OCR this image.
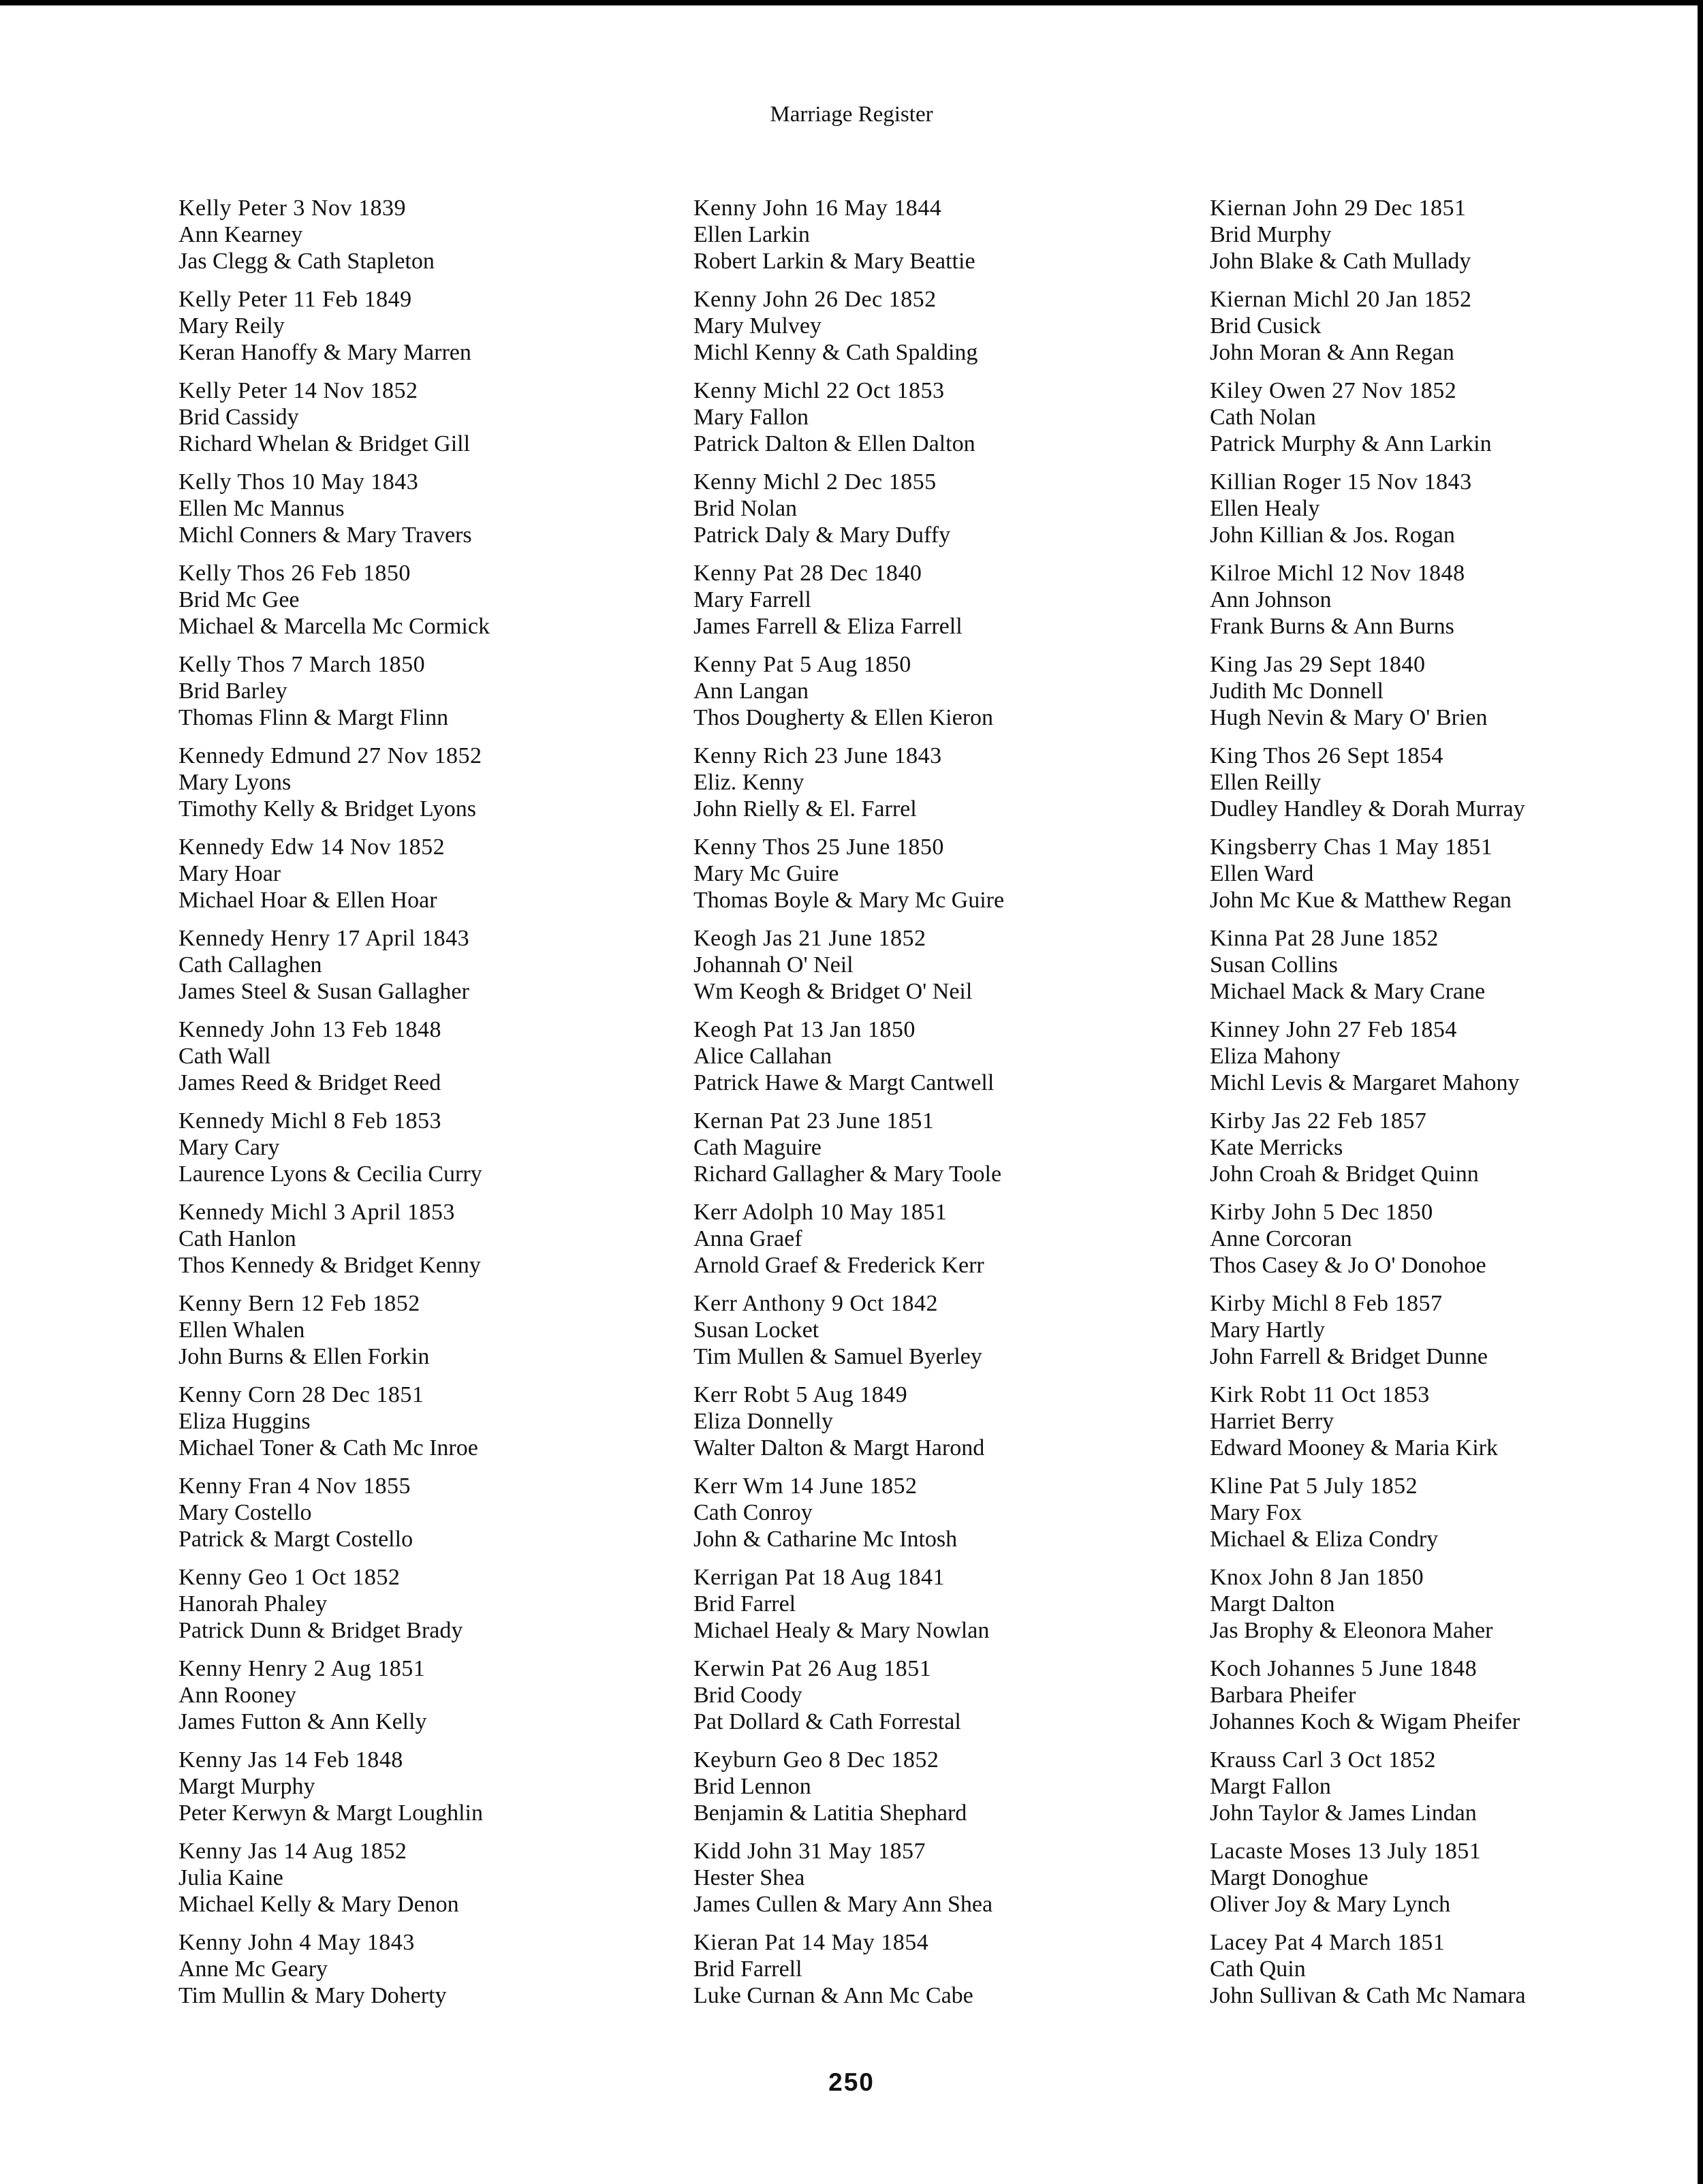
Marriage Register
Kelly Peter 3 Nov 1839
Ann Kearney
Jas Clegg & Cath Stapleton
Kelly Peter 11 Feb 1849
Mary Reily
Keran Hanoffy & Mary Marren
Kelly Peter 14 Nov 1852
Brid Cassidy
Richard Whelan & Bridget Gill
Kelly Thos 10 May 1843
Ellen Mc Mannus
Michl Conners & Mary Travers
Kelly Thos 26 Feb 1850
Brid Mc Gee
Michael & Marcella Mc Cormick
Kelly Thos 7 March 1850
Brid Barley
Thomas Flinn & Margt Flinn
Kennedy Edmund 27 Nov 1852
Mary Lyons
Timothy Kelly & Bridget Lyons
Kennedy Edw 14 Nov 1852
Mary Hoar
Michael Hoar & Ellen Hoar
Kennedy Henry 17 April 1843
Cath Callaghen
James Steel & Susan Gallagher
Kennedy John 13 Feb 1848
Cath Wall
James Reed & Bridget Reed
Kennedy Michl 8 Feb 1853
Mary Cary
Laurence Lyons & Cecilia Curry
Kennedy Michl 3 April 1853
Cath Hanlon
Thos Kennedy & Bridget Kenny
Kenny Bern 12 Feb 1852
Ellen Whalen
John Burns & Ellen Forkin
Kenny Corn 28 Dec 1851
Eliza Huggins
Michael Toner & Cath Mc Inroe
Kenny Fran 4 Nov 1855
Mary Costello
Patrick & Margt Costello
Kenny Geo 1 Oct 1852
Hanorah Phaley
Patrick Dunn & Bridget Brady
Kenny Henry 2 Aug 1851
Ann Rooney
James Futton & Ann Kelly
Kenny Jas 14 Feb 1848
Margt Murphy
Peter Kerwyn & Margt Loughlin
Kenny Jas 14 Aug 1852
Julia Kaine
Michael Kelly & Mary Denon
Kenny John 4 May 1843
Anne Mc Geary
Tim Mullin & Mary Doherty
Kenny John 16 May 1844
Ellen Larkin
Robert Larkin & Mary Beattie
Kenny John 26 Dec 1852
Mary Mulvey
Michl Kenny & Cath Spalding
Kenny Michl 22 Oct 1853
Mary Fallon
Patrick Dalton & Ellen Dalton
Kenny Michl 2 Dec 1855
Brid Nolan
Patrick Daly & Mary Duffy
Kenny Pat 28 Dec 1840
Mary Farrell
James Farrell & Eliza Farrell
Kenny Pat 5 Aug 1850
Ann Langan
Thos Dougherty & Ellen Kieron
Kenny Rich 23 June 1843
Eliz. Kenny
John Rielly & El. Farrel
Kenny Thos 25 June 1850
Mary Mc Guire
Thomas Boyle & Mary Mc Guire
Keogh Jas 21 June 1852
Johannah O' Neil
Wm Keogh & Bridget O' Neil
Keogh Pat 13 Jan 1850
Alice Callahan
Patrick Hawe & Margt Cantwell
Kernan Pat 23 June 1851
Cath Maguire
Richard Gallagher & Mary Toole
Kerr Adolph 10 May 1851
Anna Graef
Arnold Graef & Frederick Kerr
Kerr Anthony 9 Oct 1842
Susan Locket
Tim Mullen & Samuel Byerley
Kerr Robt 5 Aug 1849
Eliza Donnelly
Walter Dalton & Margt Harond
Kerr Wm 14 June 1852
Cath Conroy
John & Catharine Mc Intosh
Kerrigan Pat 18 Aug 1841
Brid Farrel
Michael Healy & Mary Nowlan
Kerwin Pat 26 Aug 1851
Brid Coody
Pat Dollard & Cath Forrestal
Keyburn Geo 8 Dec 1852
Brid Lennon
Benjamin & Latitia Shephard
Kidd John 31 May 1857
Hester Shea
James Cullen & Mary Ann Shea
Kieran Pat 14 May 1854
Brid Farrell
Luke Curnan & Ann Mc Cabe
Kiernan John 29 Dec 1851
Brid Murphy
John Blake & Cath Mullady
Kiernan Michl 20 Jan 1852
Brid Cusick
John Moran & Ann Regan
Kiley Owen 27 Nov 1852
Cath Nolan
Patrick Murphy & Ann Larkin
Killian Roger 15 Nov 1843
Ellen Healy
John Killian & Jos. Rogan
Kilroe Michl 12 Nov 1848
Ann Johnson
Frank Burns & Ann Burns
King Jas 29 Sept 1840
Judith Mc Donnell
Hugh Nevin & Mary O' Brien
King Thos 26 Sept 1854
Ellen Reilly
Dudley Handley & Dorah Murray
Kingsberry Chas 1 May 1851
Ellen Ward
John Mc Kue & Matthew Regan
Kinna Pat 28 June 1852
Susan Collins
Michael Mack & Mary Crane
Kinney John 27 Feb 1854
Eliza Mahony
Michl Levis & Margaret Mahony
Kirby Jas 22 Feb 1857
Kate Merricks
John Croah & Bridget Quinn
Kirby John 5 Dec 1850
Anne Corcoran
Thos Casey & Jo O' Donohoe
Kirby Michl 8 Feb 1857
Mary Hartly
John Farrell & Bridget Dunne
Kirk Robt 11 Oct 1853
Harriet Berry
Edward Mooney & Maria Kirk
Kline Pat 5 July 1852
Mary Fox
Michael & Eliza Condry
Knox John 8 Jan 1850
Margt Dalton
Jas Brophy & Eleonora Maher
Koch Johannes 5 June 1848
Barbara Pheifer
Johannes Koch & Wigam Pheifer
Krauss Carl 3 Oct 1852
Margt Fallon
John Taylor & James Lindan
Lacaste Moses 13 July 1851
Margt Donoghue
Oliver Joy & Mary Lynch
Lacey Pat 4 March 1851
Cath Quin
John Sullivan & Cath Mc Namara
250
